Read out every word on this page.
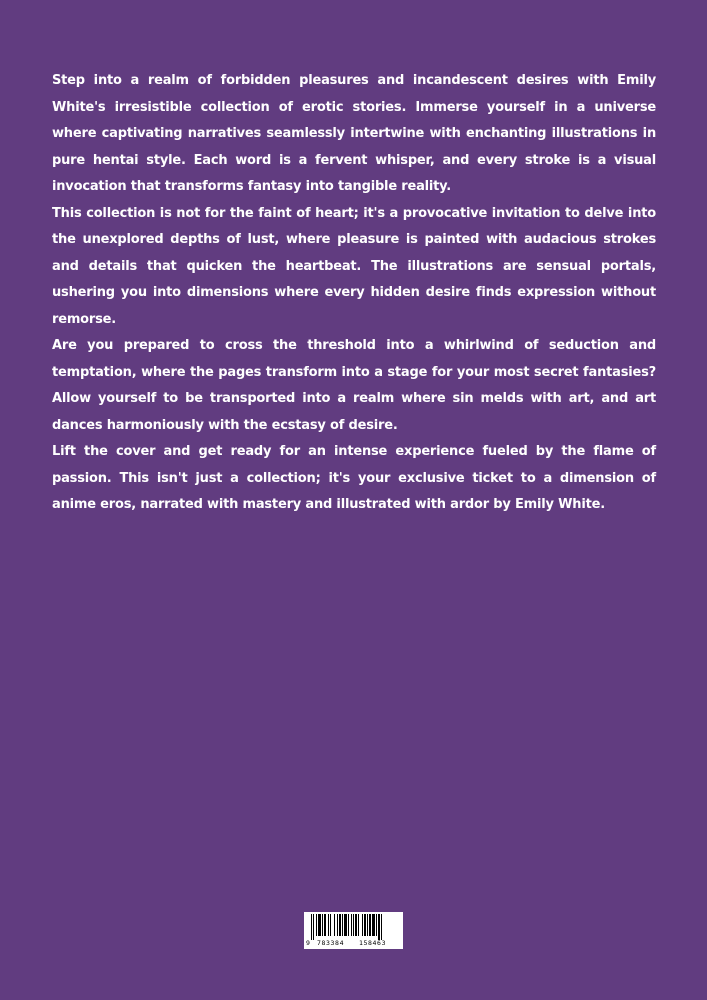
Step into a realm of forbidden pleasures and incandescent desires with Emily White's irresistible collection of erotic stories. Immerse yourself in a universe where captivating narratives seamlessly intertwine with enchanting illustrations in pure hentai style. Each word is a fervent whisper, and every stroke is a visual invocation that transforms fantasy into tangible reality.

This collection is not for the faint of heart; it's a provocative invitation to delve into the unexplored depths of lust, where pleasure is painted with audacious strokes and details that quicken the heartbeat. The illustrations are sensual portals, ushering you into dimensions where every hidden desire finds expression without remorse.

Are you prepared to cross the threshold into a whirlwind of seduction and temptation, where the pages transform into a stage for your most secret fantasies? Allow yourself to be transported into a realm where sin melds with art, and art dances harmoniously with the ecstasy of desire.

Lift the cover and get ready for an intense experience fueled by the flame of passion. This isn't just a collection; it's your exclusive ticket to a dimension of anime eros, narrated with mastery and illustrated with ardor by Emily White.

9 783384 158463
